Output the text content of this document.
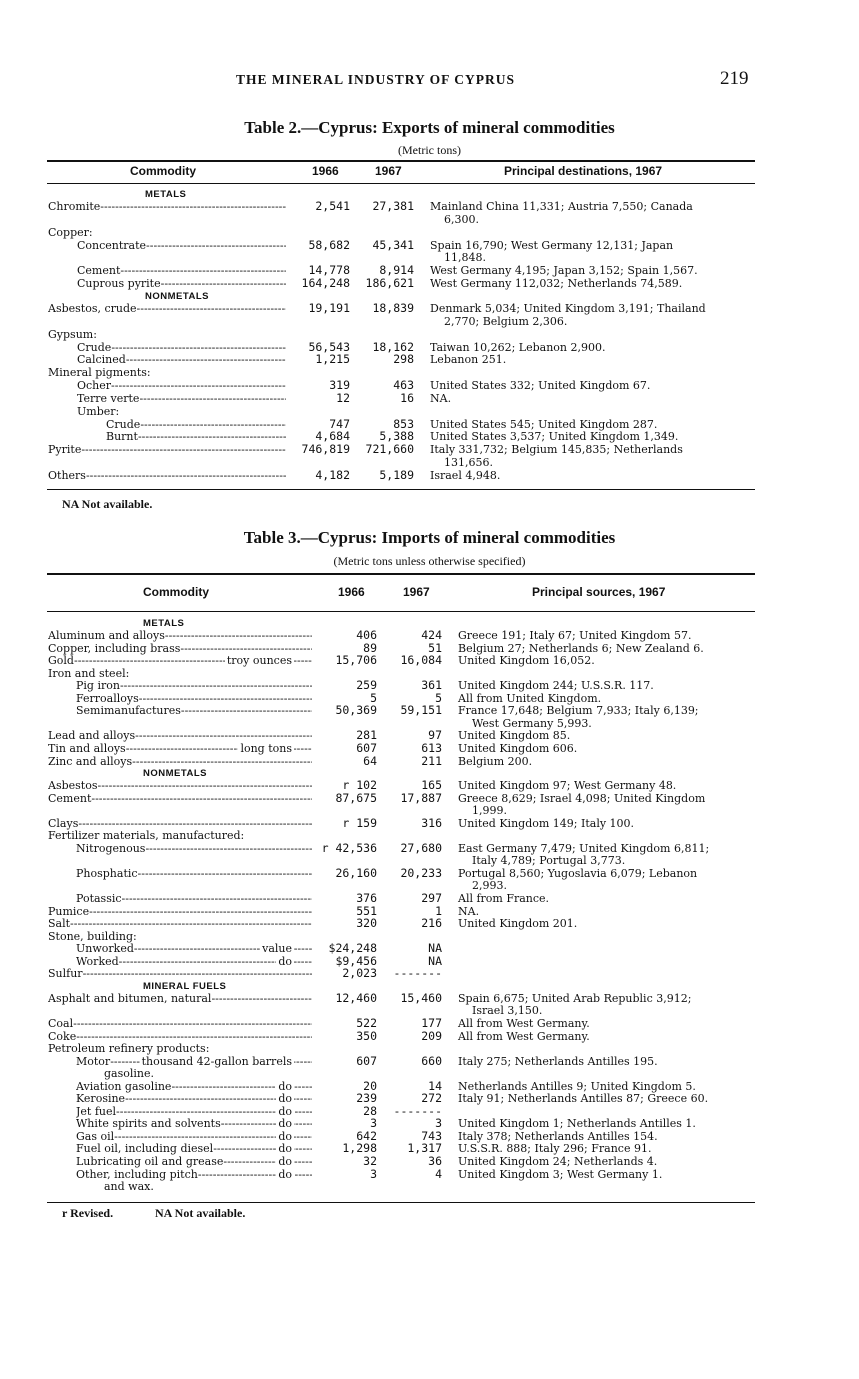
THE MINERAL INDUSTRY OF CYPRUS	219
Table 2.—Cyprus: Exports of mineral commodities
(Metric tons)
Commodity	1966	1967	Principal destinations, 1967
METALS
Chromite -----	2,541 27,381 Mainland China 11,331; Austria 7,550; Canada
6,300.
Copper:
Concentrate -----	58,682 45,341 Spain 16,790; West Germany 12,131; Japan
11,848.
Cement -----	14,778	8,914 West Germany 4,195; Japan 3,152; Spain 1,567.
Cuprous pyrite -----	164,248 186,621 West Germany 112,032; Netherlands 74,589.
NONMETALS
Asbestos, crude -----	19,191 18,839 Denmark 5,034; United Kingdom 3,191; Thailand
2,770; Belgium 2,306.
Gypsum:
Crude -----	56,543 18,162 Taiwan 10,262; Lebanon 2,900.
Calcined -----	1,215	298 Lebanon 251.
Mineral pigments:
Ocher -----	319	463 United States 332; United Kingdom 67.
Terre verte -----	12	16 NA.
Umber:
Crude -----	747	853 United States 545; United Kingdom 287.
Burnt -----	4,684	5,388 United States 3,537; United Kingdom 1,349.
Pyrite -----	746,819 721,660 Italy 331,732; Belgium 145,835; Netherlands
131,656.
Others -----	4,182	5,189 Israel 4,948.
NA Not available.
Table 3.—Cyprus: Imports of mineral commodities
(Metric tons unless otherwise specified)
Commodity	1966	1967	Principal sources, 1967
METALS
Aluminum and alloys -----	406	424 Greece 191; Italy 67; United Kingdom 57.
Copper, including brass -----	89	51 Belgium 27; Netherlands 6; New Zealand 6.
Gold -----	troy ounces	15,706 16,084 United Kingdom 16,052.
Iron and steel:
Pig iron -----	259	361 United Kingdom 244; U.S.S.R. 117.
Ferroalloys -----	5	5 All from United Kingdom.
Semimanufactures -----	50,369 59,151 France 17,648; Belgium 7,933; Italy 6,139;
West Germany 5,993.
Lead and alloys -----	281	97 United Kingdom 85.
Tin and alloys -----	long tons	607	613 United Kingdom 606.
Zinc and alloys -----	64	211 Belgium 200.
NONMETALS
Asbestos -----	r 102	165 United Kingdom 97; West Germany 48.
Cement -----	87,675 17,887 Greece 8,629; Israel 4,098; United Kingdom
1,999.
Clays -----	r 159	316 United Kingdom 149; Italy 100.
Fertilizer materials, manufactured:
Nitrogenous -----	r 42,536 27,680 East Germany 7,479; United Kingdom 6,811;
Italy 4,789; Portugal 3,773.
Phosphatic -----	26,160 20,233 Portugal 8,560; Yugoslavia 6,079; Lebanon
2,993.
Potassic -----	376	297 All from France.
Pumice -----	551	1 NA.
Salt -----	320	216 United Kingdom 201.
Stone, building:
Unworked -----	value	$24,248	NA
Worked -----	do	$9,456	NA
Sulfur -----	2,023 -------
MINERAL FUELS
Asphalt and bitumen, natural -----	12,460 15,460 Spain 6,675; United Arab Republic 3,912;
Israel 3,150.
Coal -----	522	177 All from West Germany.
Coke -----	350	209 All from West Germany.
Petroleum refinery products:
Motor -----	thousand 42-gallon barrels	607	660 Italy 275; Netherlands Antilles 195.
gasoline.
Aviation gasoline -----	do	20	14 Netherlands Antilles 9; United Kingdom 5.
Kerosine -----	do	239	272 Italy 91; Netherlands Antilles 87; Greece 60.
Jet fuel -----	do	28 -------
White spirits and solvents -----	do	3	3 United Kingdom 1; Netherlands Antilles 1.
Gas oil -----	do	642	743 Italy 378; Netherlands Antilles 154.
Fuel oil, including diesel -----	do	1,298	1,317 U.S.S.R. 888; Italy 296; France 91.
Lubricating oil and grease -----	do	32	36 United Kingdom 24; Netherlands 4.
Other, including pitch -----	do	3	4 United Kingdom 3; West Germany 1.
and wax.
r Revised.	NA Not available.
